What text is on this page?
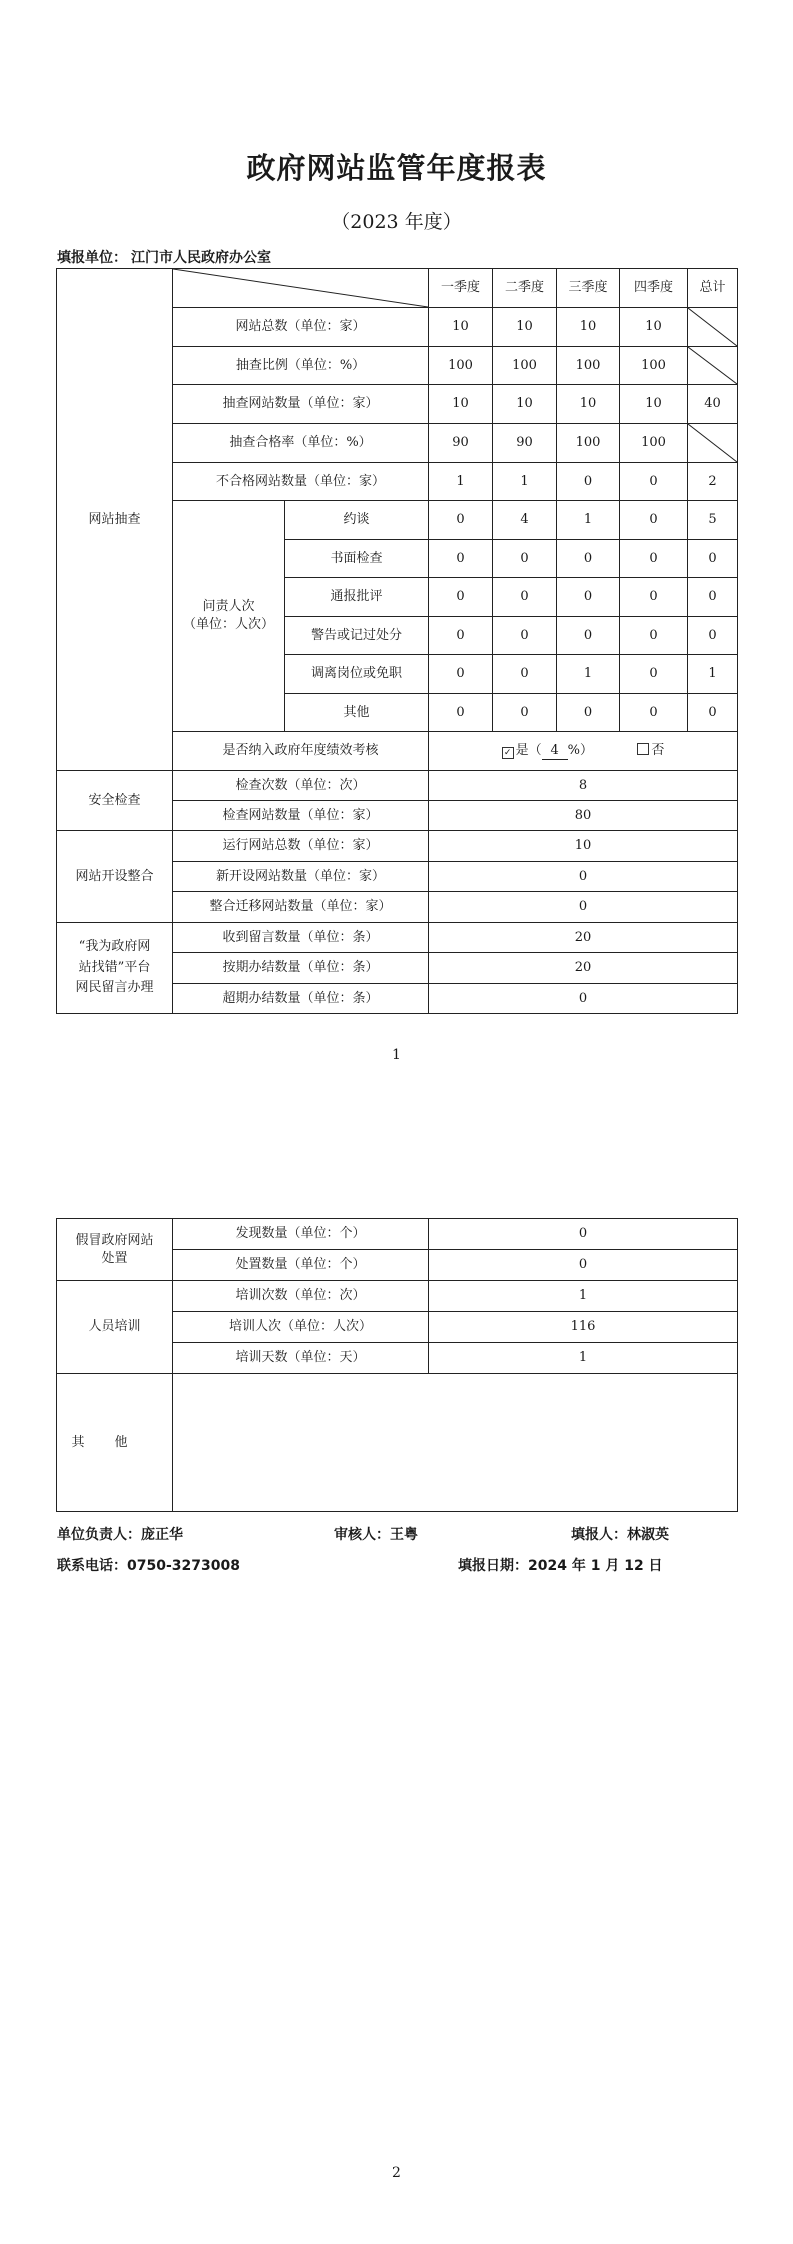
政府网站监管年度报表
（2023 年度）
填报单位： 江门市人民政府办公室
网站抽查			一季度	二季度	三季度	四季度	总计
	网站总数（单位：家）		10	10	10	10	

	抽查比例（单位：%）		100	100	100	100	

	抽查网站数量（单位：家）		10	10	10	10	40
	抽查合格率（单位：%）		90	90	100	100	

	不合格网站数量（单位：家）		1	1	0	0	2

	问责人次
（单位：人次）	约谈	0	4	1	0	5
		书面检查	0	0	0	0	0
		通报批评	0	0	0	0	0
		警告或记过处分	0	0	0	0	0
		调离岗位或免职	0	0	1	0	1
		其他	0	0	0	0	0
	是否纳入政府年度绩效考核		✓ 是（ 4 %） 否				
安全检查	检查次数（单位：次）		8				
	检查网站数量（单位：家）		80				
网站开设整合	运行网站总数（单位：家）		10				
	新开设网站数量（单位：家）		0				
	整合迁移网站数量（单位：家）		0				

“我为政府网
站找错”平台
网民留言办理	收到留言数量（单位：条）		20				
	按期办结数量（单位：条）		20				
	超期办结数量（单位：条）		0				
1
假冒政府网站
处置	发现数量（单位：个）	0
	处置数量（单位：个）	0
人员培训	培训次数（单位：次）	1
	培训人次（单位：人次）	116
	培训天数（单位：天）	1
其他		
单位负责人：庞正华	审核人：王粤	填报人：林淑英
联系电话：0750-3273008	填报日期：2024 年 1 月 12 日
2
